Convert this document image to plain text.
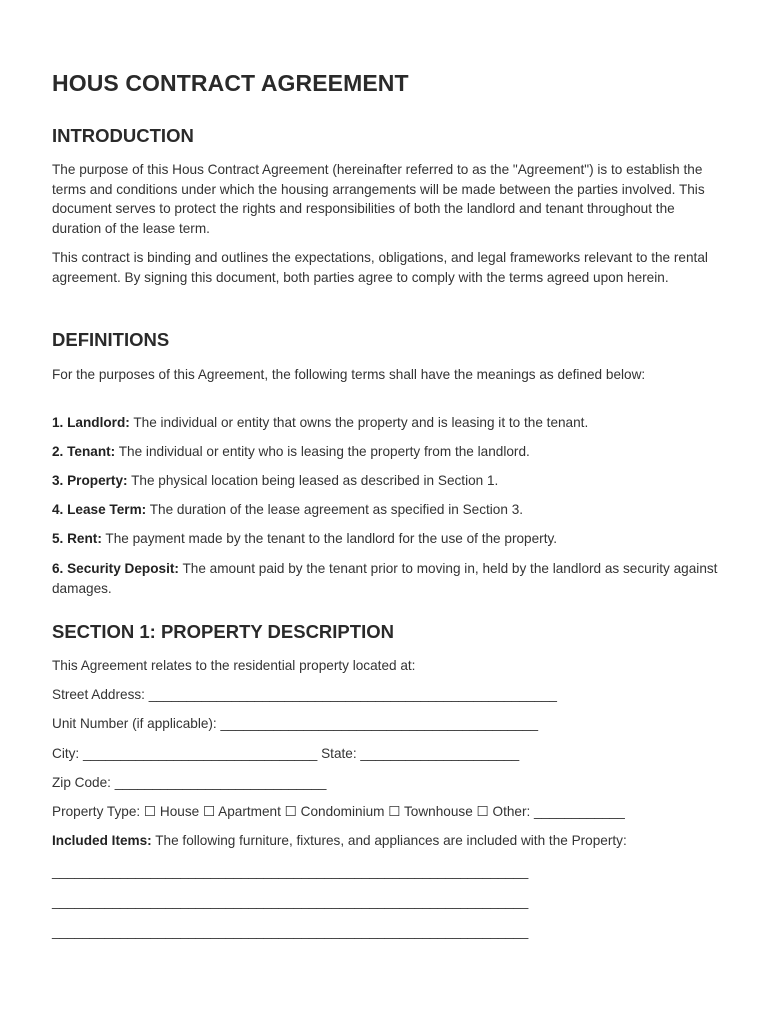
HOUS CONTRACT AGREEMENT
INTRODUCTION

The purpose of this Hous Contract Agreement (hereinafter referred to as the "Agreement") is to establish the terms and conditions under which the housing arrangements will be made between the parties involved. This document serves to protect the rights and responsibilities of both the landlord and tenant throughout the duration of the lease term.

This contract is binding and outlines the expectations, obligations, and legal frameworks relevant to the rental agreement. By signing this document, both parties agree to comply with the terms agreed upon herein.

DEFINITIONS

For the purposes of this Agreement, the following terms shall have the meanings as defined below:

1. Landlord: The individual or entity that owns the property and is leasing it to the tenant.

2. Tenant: The individual or entity who is leasing the property from the landlord.

3. Property: The physical location being leased as described in Section 1.

4. Lease Term: The duration of the lease agreement as specified in Section 3.

5. Rent: The payment made by the tenant to the landlord for the use of the property.

6. Security Deposit: The amount paid by the tenant prior to moving in, held by the landlord as security against damages.

SECTION 1: PROPERTY DESCRIPTION

This Agreement relates to the residential property located at:

Street Address: ______________________________________________________

Unit Number (if applicable): __________________________________________

City: _______________________________ State: _____________________

Zip Code: ____________________________

Property Type: ☐ House ☐ Apartment ☐ Condominium ☐ Townhouse ☐ Other: ____________

Included Items: The following furniture, fixtures, and appliances are included with the Property:

_______________________________________________________________

_______________________________________________________________

_______________________________________________________________
